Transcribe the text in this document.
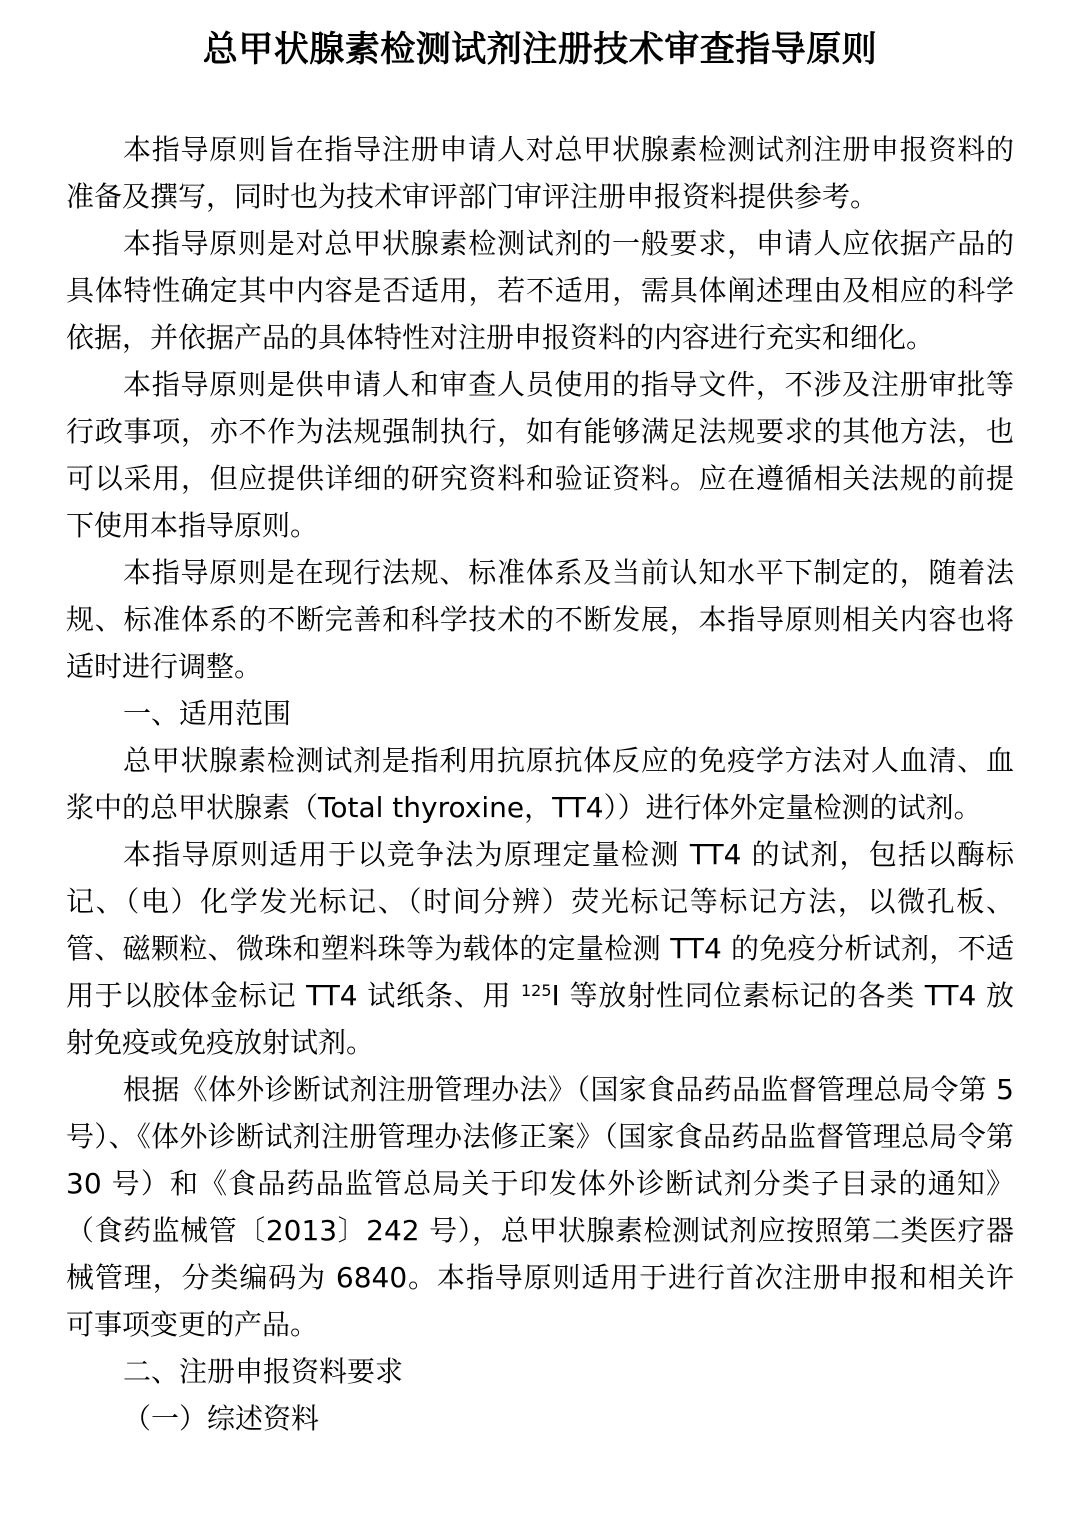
总甲状腺素检测试剂注册技术审查指导原则

本指导原则旨在指导注册申请人对总甲状腺素检测试剂注册申报资料的准备及撰写，同时也为技术审评部门审评注册申报资料提供参考。

本指导原则是对总甲状腺素检测试剂的一般要求，申请人应依据产品的具体特性确定其中内容是否适用，若不适用，需具体阐述理由及相应的科学依据，并依据产品的具体特性对注册申报资料的内容进行充实和细化。

本指导原则是供申请人和审查人员使用的指导文件，不涉及注册审批等行政事项，亦不作为法规强制执行，如有能够满足法规要求的其他方法，也可以采用，但应提供详细的研究资料和验证资料。应在遵循相关法规的前提下使用本指导原则。

本指导原则是在现行法规、标准体系及当前认知水平下制定的，随着法规、标准体系的不断完善和科学技术的不断发展，本指导原则相关内容也将适时进行调整。

一、适用范围

总甲状腺素检测试剂是指利用抗原抗体反应的免疫学方法对人血清、血浆中的总甲状腺素（Total thyroxine，TT4））进行体外定量检测的试剂。

本指导原则适用于以竞争法为原理定量检测 TT4 的试剂，包括以酶标记、（电）化学发光标记、（时间分辨）荧光标记等标记方法，以微孔板、管、磁颗粒、微珠和塑料珠等为载体的定量检测 TT4 的免疫分析试剂，不适用于以胶体金标记 TT4 试纸条、用 $^{125}$I 等放射性同位素标记的各类 TT4 放射免疫或免疫放射试剂。

根据《体外诊断试剂注册管理办法》（国家食品药品监督管理总局令第 5 号）、《体外诊断试剂注册管理办法修正案》（国家食品药品监督管理总局令第 30 号）和《食品药品监管总局关于印发体外诊断试剂分类子目录的通知》（食药监械管〔2013〕242 号），总甲状腺素检测试剂应按照第二类医疗器械管理，分类编码为 6840。本指导原则适用于进行首次注册申报和相关许可事项变更的产品。

二、注册申报资料要求

（一）综述资料
